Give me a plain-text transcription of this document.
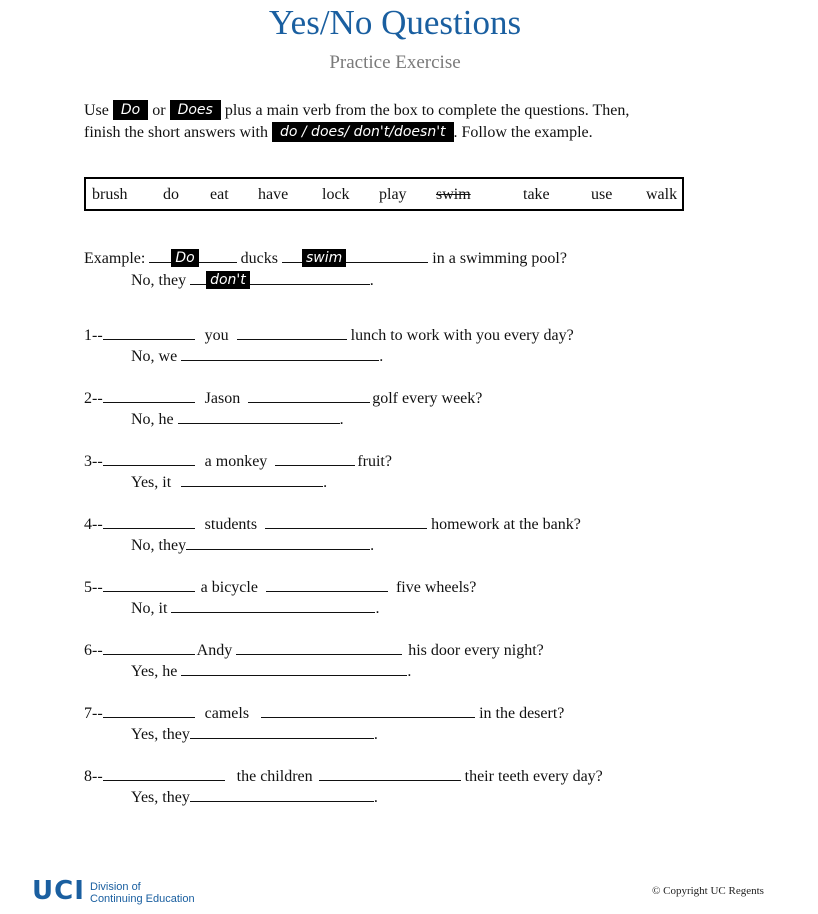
Yes/No Questions
Practice Exercise
Use Do or Does plus a main verb from the box to complete the questions. Then,
finish the short answers with do / does/ don't/doesn't . Follow the example.
brush do eat have lock play swim	take	use walk
Example: Do	ducks swim	in a swimming pool?
No, they don't	.
1--	you	lunch to work with you every day?
No, we	.
2--	Jason	golf every week?
No, he	.
3--	a monkey	fruit?
Yes, it	.
4--	students	homework at the bank?
No, they	.
5--	a bicycle	five wheels?
No, it	.
6--	Andy	his door every night?
Yes, he	.
7--	camels	in the desert?
Yes, they	.
8--	the children	their teeth every day?
Yes, they	.
UCI Division of
Continuing Education
© Copyright UC Regents
